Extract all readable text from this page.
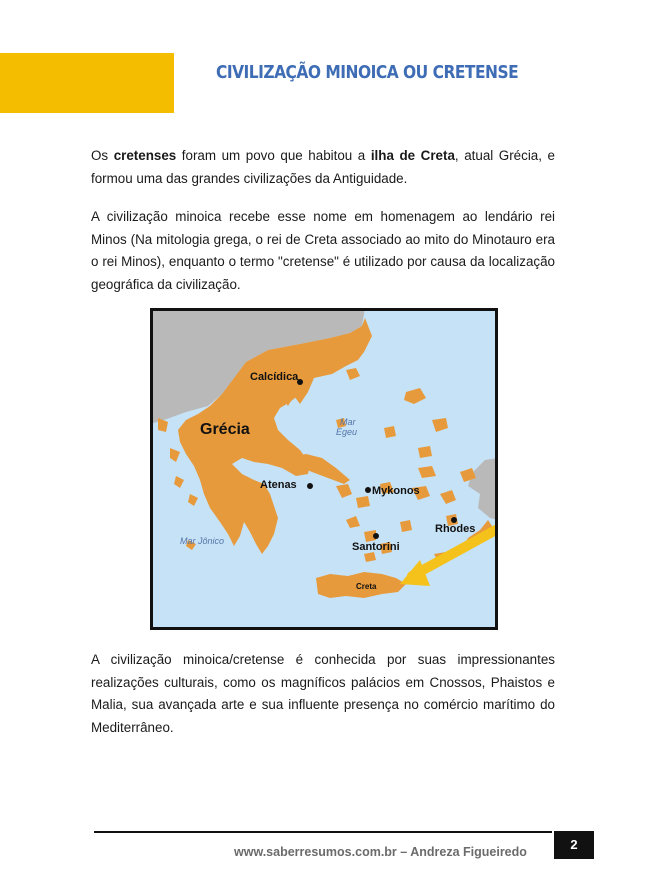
CIVILIZAÇÃO MINOICA OU CRETENSE

Os cretenses foram um povo que habitou a ilha de Creta, atual Grécia, e formou uma das grandes civilizações da Antiguidade.

A civilização minoica recebe esse nome em homenagem ao lendário rei Minos (Na mitologia grega, o rei de Creta associado ao mito do Minotauro era o rei Minos), enquanto o termo "cretense" é utilizado por causa da localização geográfica da civilização.

Calcídica
Grécia	Mar
Egeu
Atenas	Mykonos
Rhodes
Santorini
Mar Jônico
Creta

A civilização minoica/cretense é conhecida por suas impressionantes realizações culturais, como os magníficos palácios em Cnossos, Phaistos e Malia, sua avançada arte e sua influente presença no comércio marítimo do Mediterrâneo.

www.saberresumos.com.br – Andreza Figueiredo	2
